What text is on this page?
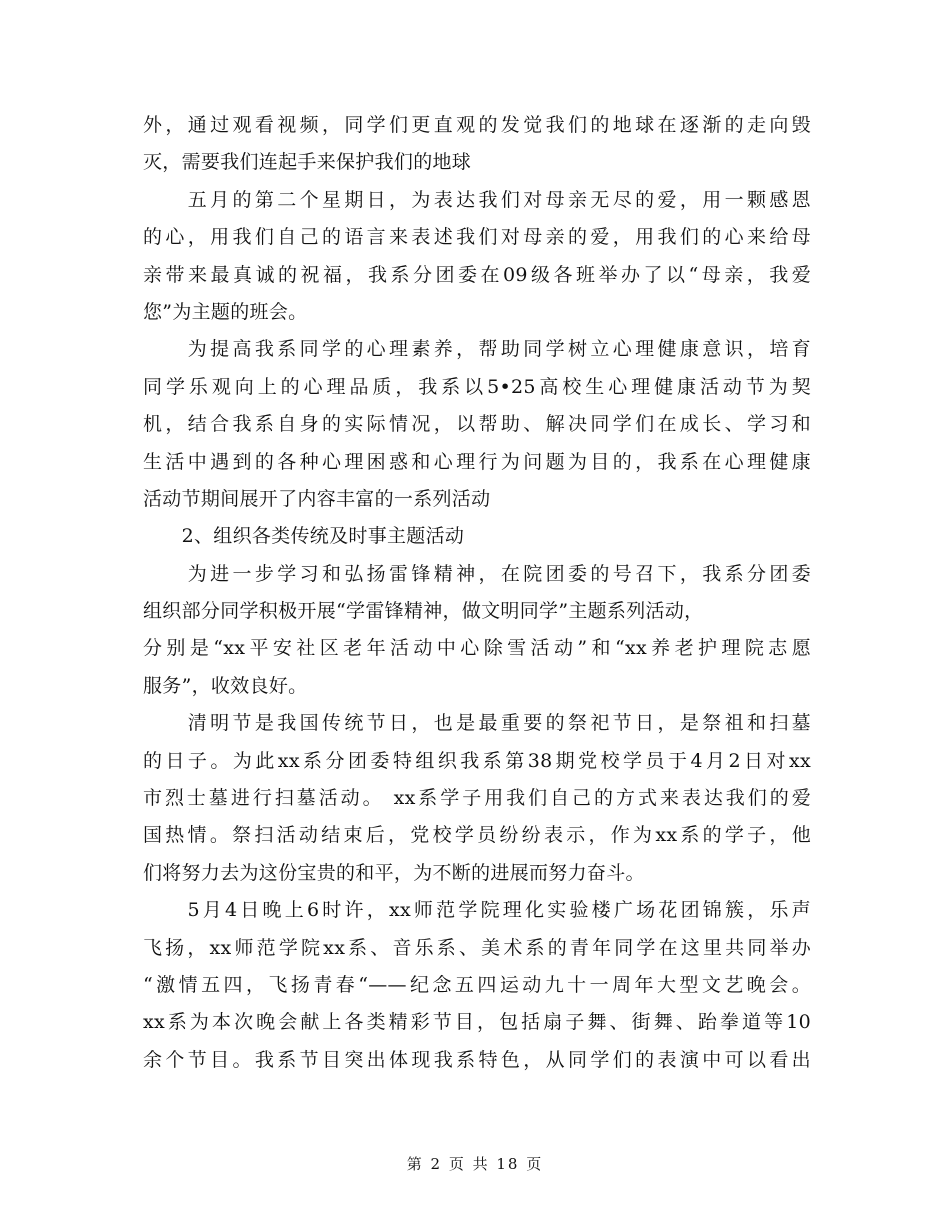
外，通过观看视频，同学们更直观的发觉我们的地球在逐渐的走向毁
灭，需要我们连起手来保护我们的地球
　　五月的第二个星期日，为表达我们对母亲无尽的爱，用一颗感恩
的心，用我们自己的语言来表述我们对母亲的爱，用我们的心来给母
亲带来最真诚的祝福，我系分团委在09级各班举办了以“母亲，我爱
您”为主题的班会。
　　为提高我系同学的心理素养，帮助同学树立心理健康意识，培育
同学乐观向上的心理品质，我系以5•25高校生心理健康活动节为契
机，结合我系自身的实际情况，以帮助、解决同学们在成长、学习和
生活中遇到的各种心理困惑和心理行为问题为目的，我系在心理健康
活动节期间展开了内容丰富的一系列活动
　　2、组织各类传统及时事主题活动
　　为进一步学习和弘扬雷锋精神，在院团委的号召下，我系分团委
组织部分同学积极开展“学雷锋精神，做文明同学”主题系列活动，
分别是“xx平安社区老年活动中心除雪活动”和“xx养老护理院志愿
服务”，收效良好。
　　清明节是我国传统节日，也是最重要的祭祀节日，是祭祖和扫墓
的日子。为此xx系分团委特组织我系第38期党校学员于4月2日对xx
市烈士墓进行扫墓活动。 xx系学子用我们自己的方式来表达我们的爱
国热情。祭扫活动结束后，党校学员纷纷表示，作为xx系的学子，他
们将努力去为这份宝贵的和平，为不断的进展而努力奋斗。
　　5月4日晚上6时许，xx师范学院理化实验楼广场花团锦簇，乐声
飞扬，xx师范学院xx系、音乐系、美术系的青年同学在这里共同举办
“激情五四，飞扬青春“——纪念五四运动九十一周年大型文艺晚会。
xx系为本次晚会献上各类精彩节目，包括扇子舞、街舞、跆拳道等10
余个节目。我系节目突出体现我系特色，从同学们的表演中可以看出
第 2 页 共 18 页
